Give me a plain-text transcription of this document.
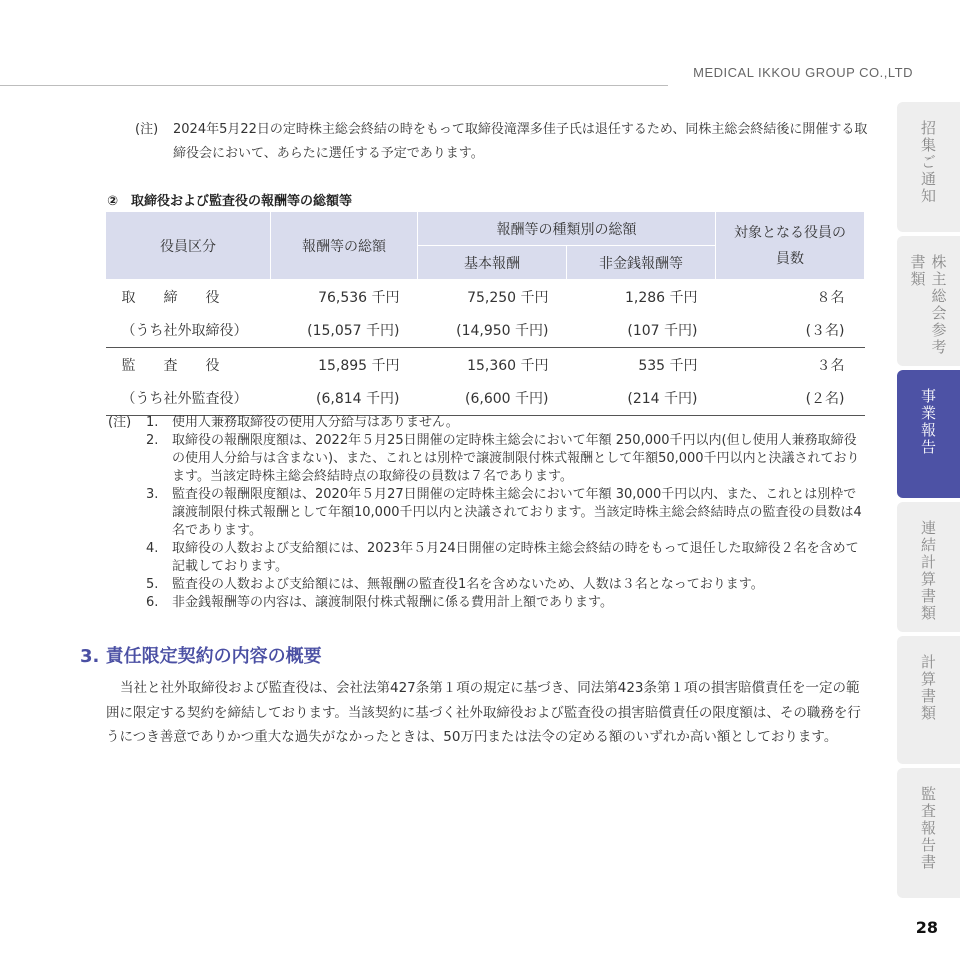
MEDICAL IKKOU GROUP CO.,LTD
(注) 2024年5月22日の定時株主総会終結の時をもって取締役滝澤多佳子氏は退任するため、同株主総会終結後に開催する取締役会において、あらたに選任する予定であります。
②　取締役および監査役の報酬等の総額等
役員区分	報酬等の総額	報酬等の種類別の総額		対象となる役員の員数
		基本報酬	非金銭報酬等	
取締役	76,536 千円	75,250 千円	1,286 千円	８名
（うち社外取締役）	(15,057 千円)	(14,950 千円)	(107 千円)	(３名)
監査役	15,895 千円	15,360 千円	535 千円	３名
（うち社外監査役）	(6,814 千円)	(6,600 千円)	(214 千円)	(２名)
(注) 1. 使用人兼務取締役の使用人分給与はありません。
2. 取締役の報酬限度額は、2022年５月25日開催の定時株主総会において年額 250,000千円以内(但し使用人兼務取締役の使用人分給与は含まない)、また、これとは別枠で譲渡制限付株式報酬として年額50,000千円以内と決議されております。当該定時株主総会終結時点の取締役の員数は７名であります。
3. 監査役の報酬限度額は、2020年５月27日開催の定時株主総会において年額 30,000千円以内、また、これとは別枠で譲渡制限付株式報酬として年額10,000千円以内と決議されております。当該定時株主総会終結時点の監査役の員数は4名であります。
4. 取締役の人数および支給額には、2023年５月24日開催の定時株主総会終結の時をもって退任した取締役２名を含めて記載しております。
5. 監査役の人数および支給額には、無報酬の監査役1名を含めないため、人数は３名となっております。
6. 非金銭報酬等の内容は、譲渡制限付株式報酬に係る費用計上額であります。
3. 責任限定契約の内容の概要
当社と社外取締役および監査役は、会社法第427条第１項の規定に基づき、同法第423条第１項の損害賠償責任を一定の範囲に限定する契約を締結しております。当該契約に基づく社外取締役および監査役の損害賠償責任の限度額は、その職務を行うにつき善意でありかつ重大な過失がなかったときは、50万円または法令の定める額のいずれか高い額としております。
招集ご通知
株主総会参考書類
事業報告
連結計算書類
計算書類
監査報告書
28
